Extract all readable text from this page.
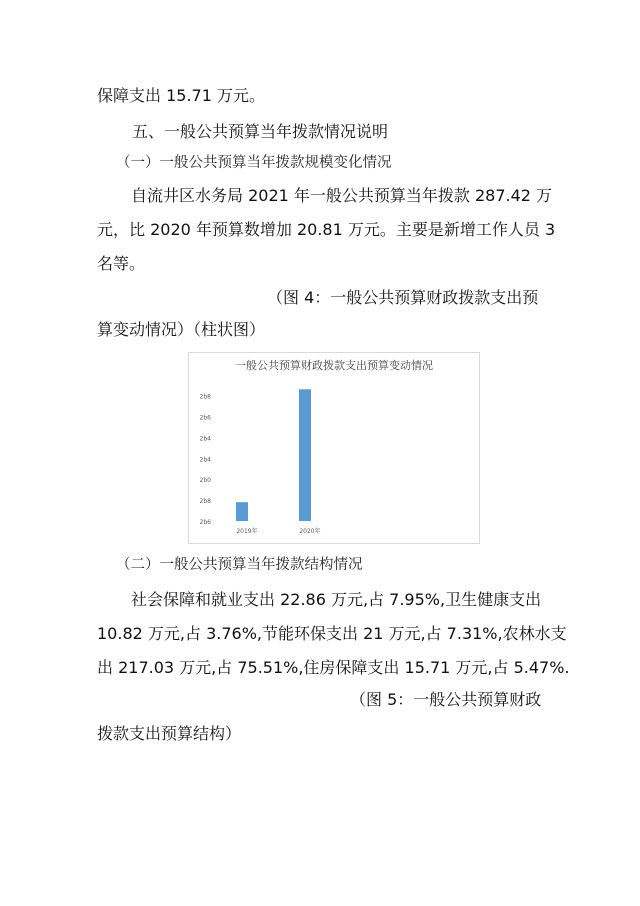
保障支出 15.71 万元。
五、一般公共预算当年拨款情况说明
（一）一般公共预算当年拨款规模变化情况
自流井区水务局 2021 年一般公共预算当年拨款 287.42 万
元，比 2020 年预算数增加 20.81 万元。主要是新增工作人员 3
名等。
（图 4：一般公共预算财政拨款支出预
算变动情况）（柱状图）
一般公共预算财政拨款支出预算变动情况
2b6
2b8
2b0
2b4
2b4
2b6
2b8
2019年	2020年
（二）一般公共预算当年拨款结构情况
社会保障和就业支出 22.86 万元,占 7.95%,卫生健康支出
10.82 万元,占 3.76%,节能环保支出 21 万元,占 7.31%,农林水支
出 217.03 万元,占 75.51%,住房保障支出 15.71 万元,占 5.47%.
（图 5：一般公共预算财政
拨款支出预算结构）
